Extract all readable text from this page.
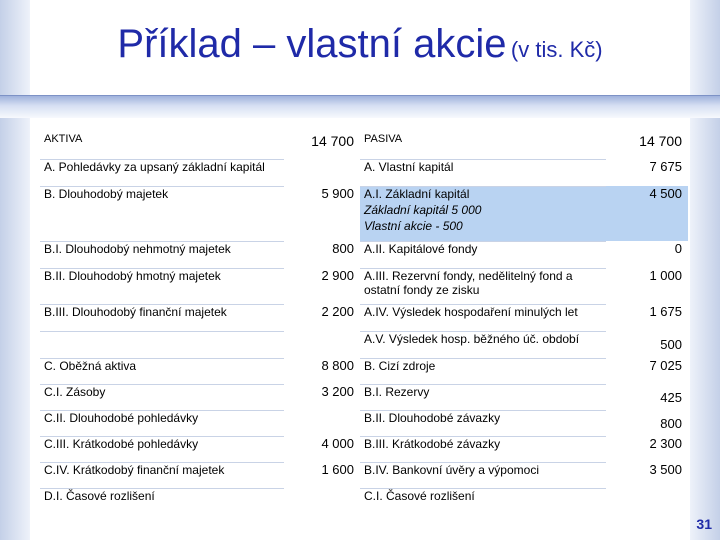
Příklad – vlastní akcie (v tis. Kč)
AKTIVA	14 700	PASIVA	14 700
A. Pohledávky za upsaný základní kapitál		A. Vlastní kapitál	7 675
B. Dlouhodobý majetek	5 900	A.I. Základní kapitál
Základní kapitál 5 000
Vlastní akcie - 500	4 500
B.I. Dlouhodobý nehmotný majetek	800	A.II. Kapitálové fondy	0
B.II. Dlouhodobý hmotný majetek	2 900	A.III. Rezervní fondy, nedělitelný fond a ostatní fondy ze zisku	1 000
B.III. Dlouhodobý finanční majetek	2 200	A.IV. Výsledek hospodaření minulých let	1 675
		A.V. Výsledek hosp. běžného úč. období	500
C. Oběžná aktiva	8 800	B. Cizí zdroje	7 025
C.I. Zásoby	3 200	B.I. Rezervy	425
C.II. Dlouhodobé pohledávky		B.II. Dlouhodobé závazky	800
C.III. Krátkodobé pohledávky	4 000	B.III. Krátkodobé závazky	2 300
C.IV. Krátkodobý finanční majetek	1 600	B.IV. Bankovní úvěry a výpomoci	3 500
D.I. Časové rozlišení		C.I. Časové rozlišení	
31
